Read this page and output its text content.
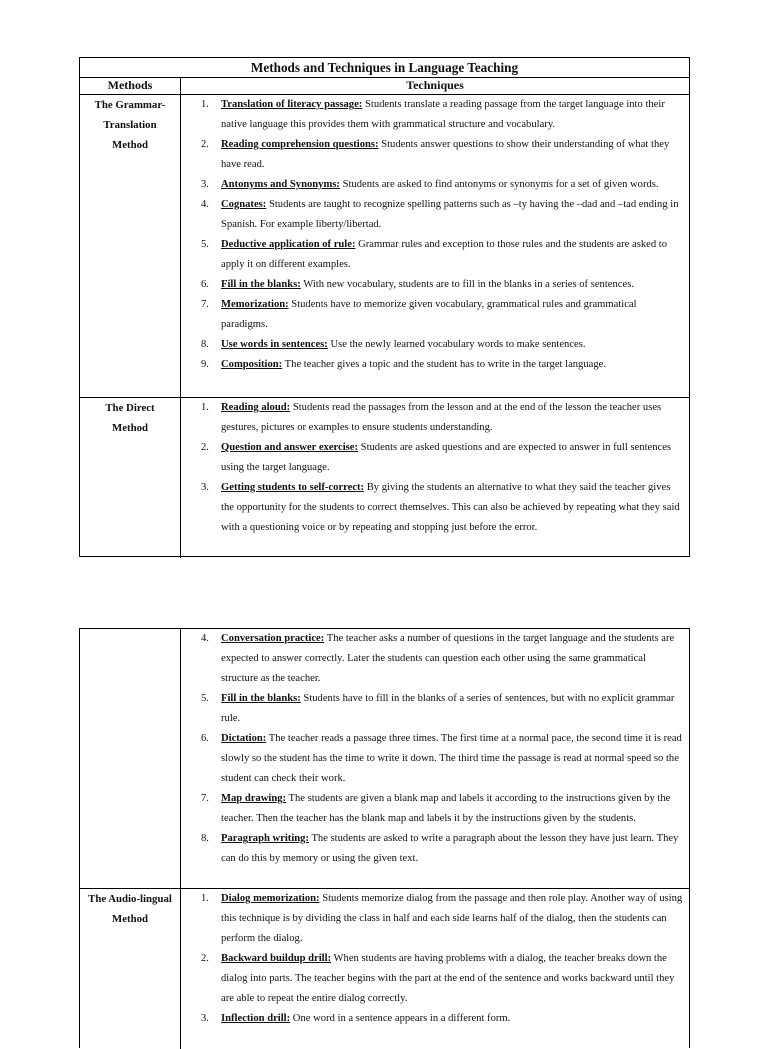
Methods and Techniques in Language Teaching
Methods	Techniques
The Grammar-
Translation
Method
1. Translation of literacy passage: Students translate a reading passage from the target language into their native language this provides them with grammatical structure and vocabulary.
2. Reading comprehension questions: Students answer questions to show their understanding of what they have read.
3. Antonyms and Synonyms: Students are asked to find antonyms or synonyms for a set of given words.
4. Cognates: Students are taught to recognize spelling patterns such as –ty having the –dad and –tad ending in Spanish. For example liberty/libertad.
5. Deductive application of rule: Grammar rules and exception to those rules and the students are asked to apply it on different examples.
6. Fill in the blanks: With new vocabulary, students are to fill in the blanks in a series of sentences.
7. Memorization: Students have to memorize given vocabulary, grammatical rules and grammatical paradigms.
8. Use words in sentences: Use the newly learned vocabulary words to make sentences.
9. Composition: The teacher gives a topic and the student has to write in the target language.
The Direct
Method
1. Reading aloud: Students read the passages from the lesson and at the end of the lesson the teacher uses gestures, pictures or examples to ensure students understanding.
2. Question and answer exercise: Students are asked questions and are expected to answer in full sentences using the target language.
3. Getting students to self-correct: By giving the students an alternative to what they said the teacher gives the opportunity for the students to correct themselves. This can also be achieved by repeating what they said with a questioning voice or by repeating and stopping just before the error.
4. Conversation practice: The teacher asks a number of questions in the target language and the students are expected to answer correctly. Later the students can question each other using the same grammatical structure as the teacher.
5. Fill in the blanks: Students have to fill in the blanks of a series of sentences, but with no explicit grammar rule.
6. Dictation: The teacher reads a passage three times. The first time at a normal pace, the second time it is read slowly so the student has the time to write it down. The third time the passage is read at normal speed so the student can check their work.
7. Map drawing: The students are given a blank map and labels it according to the instructions given by the teacher. Then the teacher has the blank map and labels it by the instructions given by the students.
8. Paragraph writing: The students are asked to write a paragraph about the lesson they have just learn. They can do this by memory or using the given text.
The Audio-lingual
Method
1. Dialog memorization: Students memorize dialog from the passage and then role play. Another way of using this technique is by dividing the class in half and each side learns half of the dialog, then the students can perform the dialog.
2. Backward buildup drill: When students are having problems with a dialog, the teacher breaks down the dialog into parts. The teacher begins with the part at the end of the sentence and works backward until they are able to repeat the entire dialog correctly.
3. Inflection drill: One word in a sentence appears in a different form.
